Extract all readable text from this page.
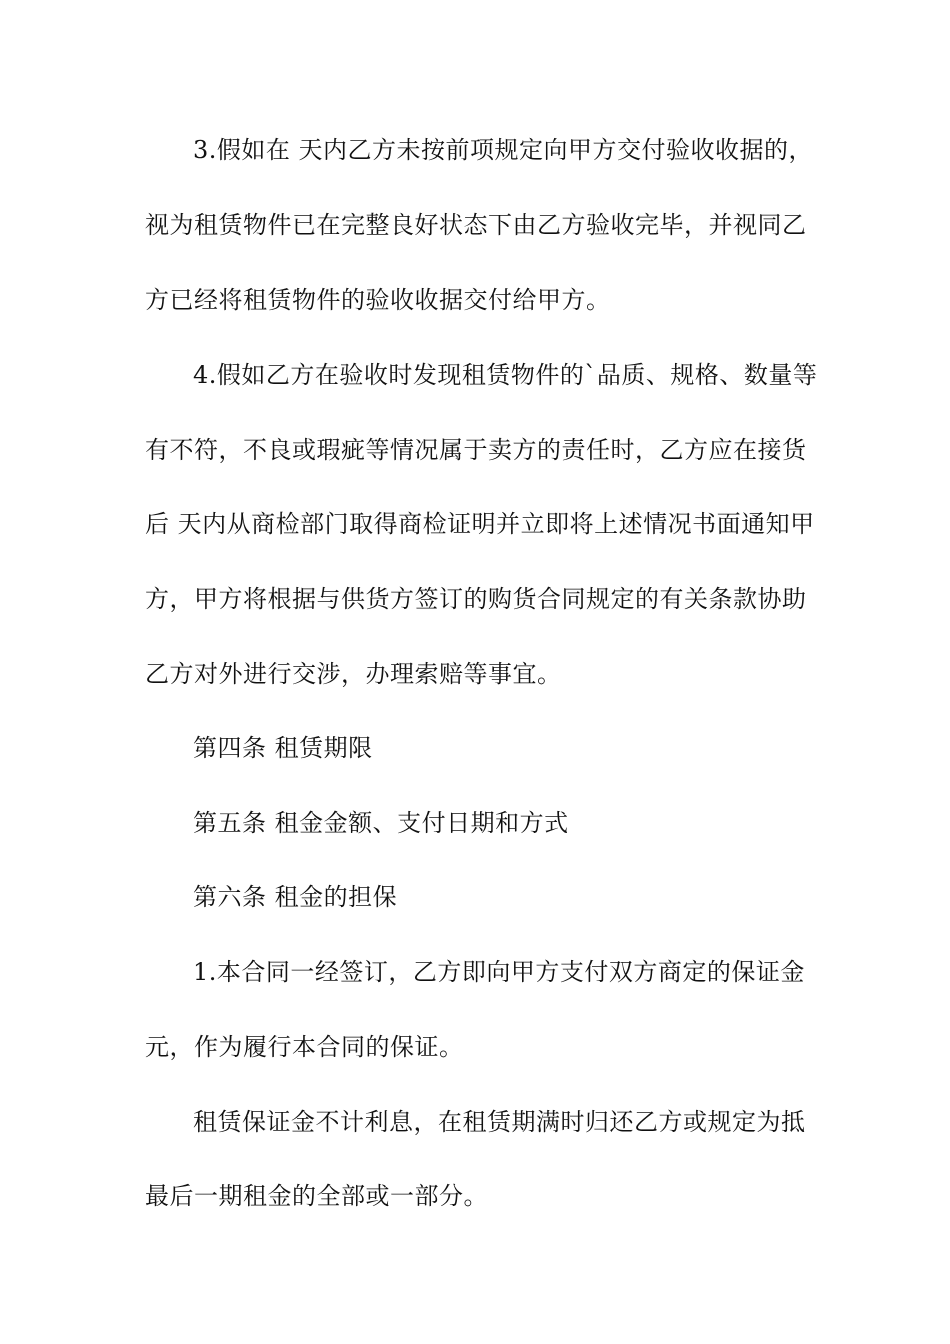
3.假如在 天内乙方未按前项规定向甲方交付验收收据的，
视为租赁物件已在完整良好状态下由乙方验收完毕，并视同乙
方已经将租赁物件的验收收据交付给甲方。
4.假如乙方在验收时发现租赁物件的`品质、规格、数量等
有不符，不良或瑕疵等情况属于卖方的责任时，乙方应在接货
后 天内从商检部门取得商检证明并立即将上述情况书面通知甲
方，甲方将根据与供货方签订的购货合同规定的有关条款协助
乙方对外进行交涉，办理索赔等事宜。
第四条 租赁期限
第五条 租金金额、支付日期和方式
第六条 租金的担保
1.本合同一经签订，乙方即向甲方支付双方商定的保证金
元，作为履行本合同的保证。
租赁保证金不计利息，在租赁期满时归还乙方或规定为抵
最后一期租金的全部或一部分。
